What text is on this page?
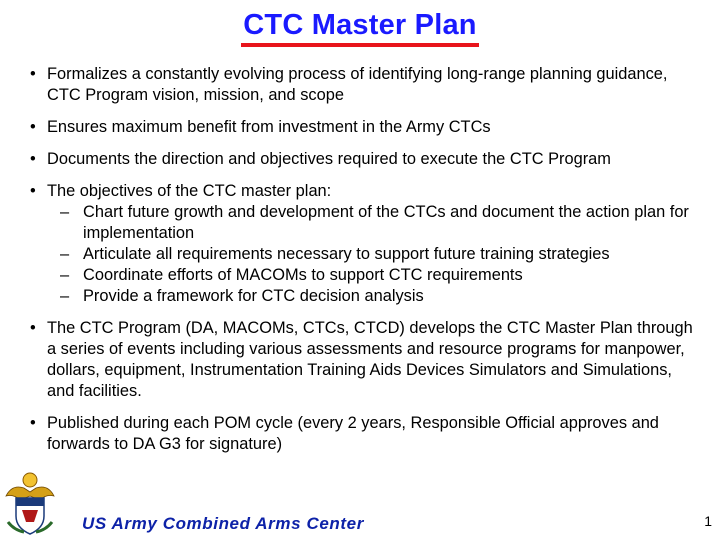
CTC Master Plan
• Formalizes a constantly evolving process of identifying long-range planning guidance, CTC Program vision, mission, and scope
• Ensures maximum benefit from investment in the Army CTCs
• Documents the direction and objectives required to execute the CTC Program
• The objectives of the CTC master plan:
– Chart future growth and development of the CTCs and document the action plan for implementation
– Articulate all requirements necessary to support future training strategies
– Coordinate efforts of MACOMs to support CTC requirements
– Provide a framework for CTC decision analysis
• The CTC Program (DA, MACOMs, CTCs, CTCD) develops the CTC Master Plan through a series of events including various assessments and resource programs for manpower, dollars, equipment, Instrumentation Training Aids Devices Simulators and Simulations, and facilities.
• Published during each POM cycle (every 2 years, Responsible Official approves and forwards to DA G3 for signature)
US Army Combined Arms Center	1
